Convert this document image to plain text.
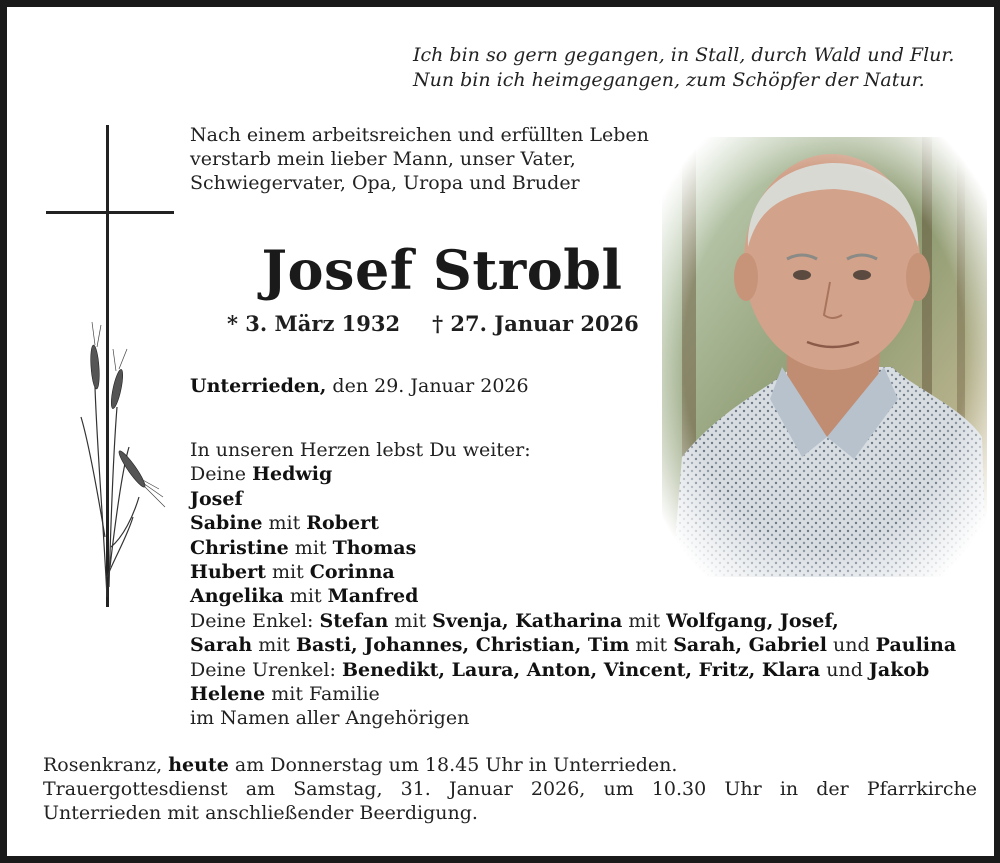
Ich bin so gern gegangen, in Stall, durch Wald und Flur.
Nun bin ich heimgegangen, zum Schöpfer der Natur.
Nach einem arbeitsreichen und erfüllten Leben
verstarb mein lieber Mann, unser Vater,
Schwiegervater, Opa, Uropa und Bruder
Josef Strobl
* 3. März 1932 † 27. Januar 2026
Unterrieden, den 29. Januar 2026
In unseren Herzen lebst Du weiter:
Deine Hedwig
Josef
Sabine mit Robert
Christine mit Thomas
Hubert mit Corinna
Angelika mit Manfred
Deine Enkel: Stefan mit Svenja, Katharina mit Wolfgang, Josef,
Sarah mit Basti, Johannes, Christian, Tim mit Sarah, Gabriel und Paulina
Deine Urenkel: Benedikt, Laura, Anton, Vincent, Fritz, Klara und Jakob
Helene mit Familie
im Namen aller Angehörigen
Rosenkranz, heute am Donnerstag um 18.45 Uhr in Unterrieden.
Trauergottesdienst am Samstag, 31. Januar 2026, um 10.30 Uhr in der Pfarrkirche
Unterrieden mit anschließender Beerdigung.
